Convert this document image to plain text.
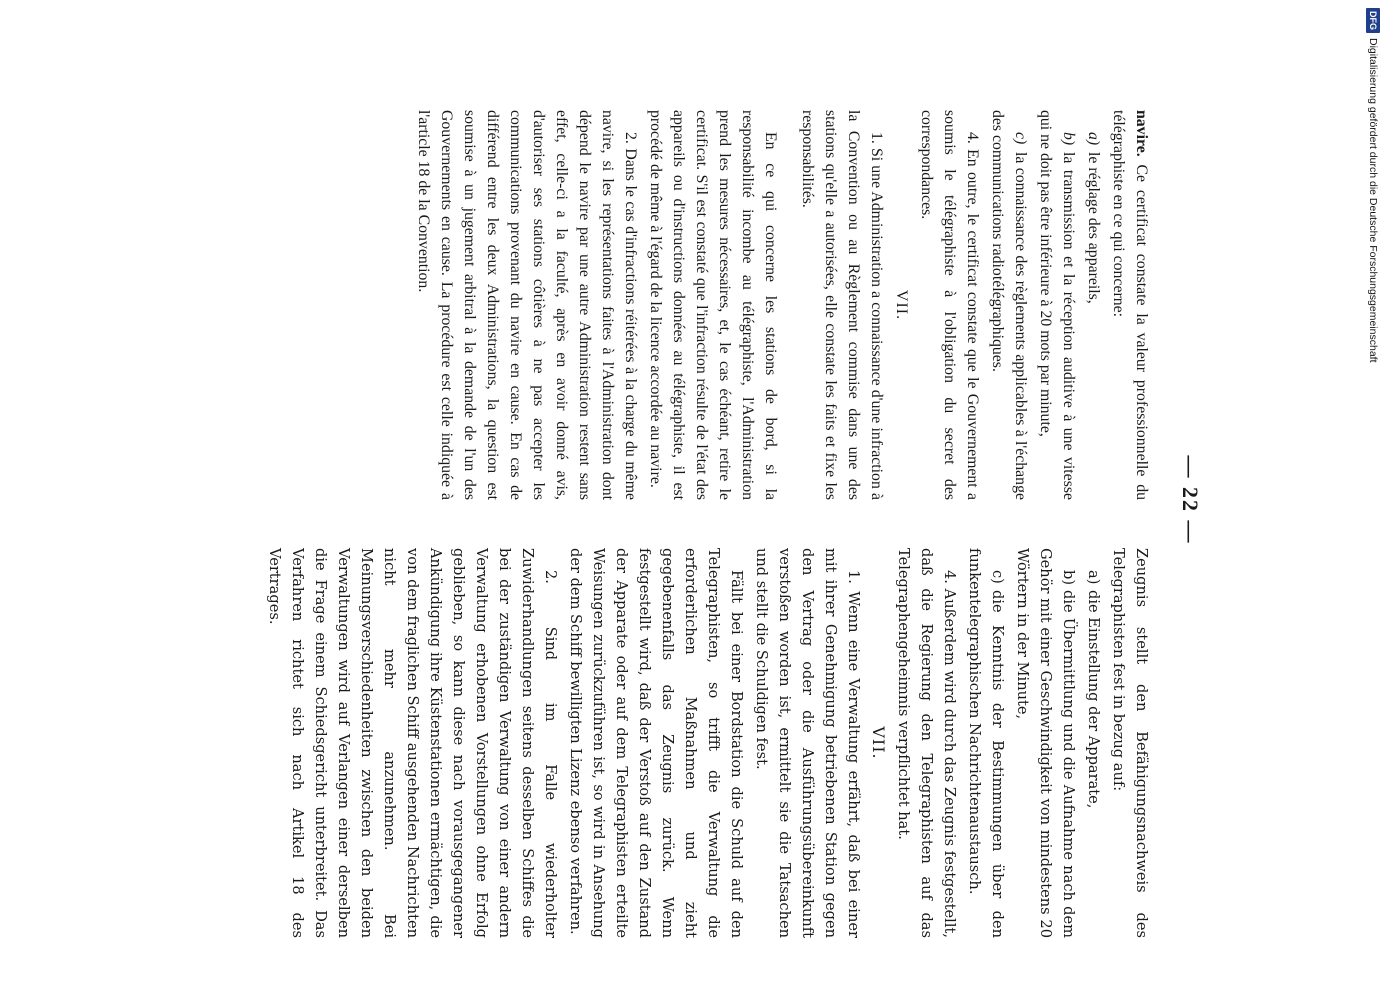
— 22 —

navire. Ce certificat constate la valeur professionnelle du télégraphiste en ce qui concerne:

a)le réglage des appareils,

b)la transmission et la réception auditive à une vitesse qui ne doit pas être inférieure à 20 mots par minute,

c)la connaissance des règlements applicables à l'échange des communications radiotélégraphiques.

4. En outre, le certificat constate que le Gouvernement a soumis le télégraphiste à l'obligation du secret des correspondances.

VII.

1. Si une Administration a connaissance d'une infraction à la Convention ou au Règlement commise dans une des stations qu'elle a autorisées, elle constate les faits et fixe les responsabilités.

En ce qui concerne les stations de bord, si la responsabilité incombe au télégraphiste, l'Administration prend les mesures nécessaires, et, le cas échéant, retire le certificat. S'il est constaté que l'infraction résulte de l'état des appareils ou d'instructions données au télégraphiste, il est procédé de même à l'égard de la licence accordée au navire.

2. Dans le cas d'infractions réitérées à la charge du même navire, si les représentations faites à l'Administration dont dépend le navire par une autre Administration restent sans effet, celle-ci a la faculté, après en avoir donné avis, d'autoriser ses stations côtières à ne pas accepter les communications provenant du navire en cause. En cas de différend entre les deux Administrations, la question est soumise à un jugement arbitral à la demande de l'un des Gouvernements en cause. La procédure est celle indiquée à l'article 18 de la Convention.

Zeugnis stellt den Befähigungsnachweis des Telegraphisten fest in bezug auf:

a)die Einstellung der Apparate,

b)die Übermittlung und die Aufnahme nach dem Gehör mit einer Geschwindigkeit von mindestens 20 Wörtern in der Minute,

c)die Kenntnis der Bestimmungen über den funkentelegraphischen Nachrichtenaustausch.

4. Außerdem wird durch das Zeugnis festgestellt, daß die Regierung den Telegraphisten auf das Telegraphengeheimnis verpflichtet hat.

VII.

1. Wenn eine Verwaltung erfährt, daß bei einer mit ihrer Genehmigung betriebenen Station gegen den Vertrag oder die Ausführungsübereinkunft verstoßen worden ist, ermittelt sie die Tatsachen und stellt die Schuldigen fest.

Fällt bei einer Bordstation die Schuld auf den Telegraphisten, so trifft die Verwaltung die erforderlichen Maßnahmen und zieht gegebenenfalls das Zeugnis zurück. Wenn festgestellt wird, daß der Verstoß auf den Zustand der Apparate oder auf dem Telegraphisten erteilte Weisungen zurückzuführen ist, so wird in Ansehung der dem Schiff bewilligten Lizenz ebenso verfahren.

2. Sind im Falle wiederholter Zuwiderhandlungen seitens desselben Schiffes die bei der zuständigen Verwaltung von einer andern Verwaltung erhobenen Vorstellungen ohne Erfolg geblieben, so kann diese nach vorausgegangener Ankündigung ihre Küstenstationen ermächtigen, die von dem fraglichen Schiff ausgehenden Nachrichten nicht mehr anzunehmen. Bei Meinungsverschiedenheiten zwischen den beiden Verwaltungen wird auf Verlangen einer derselben die Frage einem Schiedsgericht unterbreitet. Das Verfahren richtet sich nach Artikel 18 des Vertrages.

DFG
Digitalisierung gefördert durch die Deutsche Forschungsgemeinschaft
